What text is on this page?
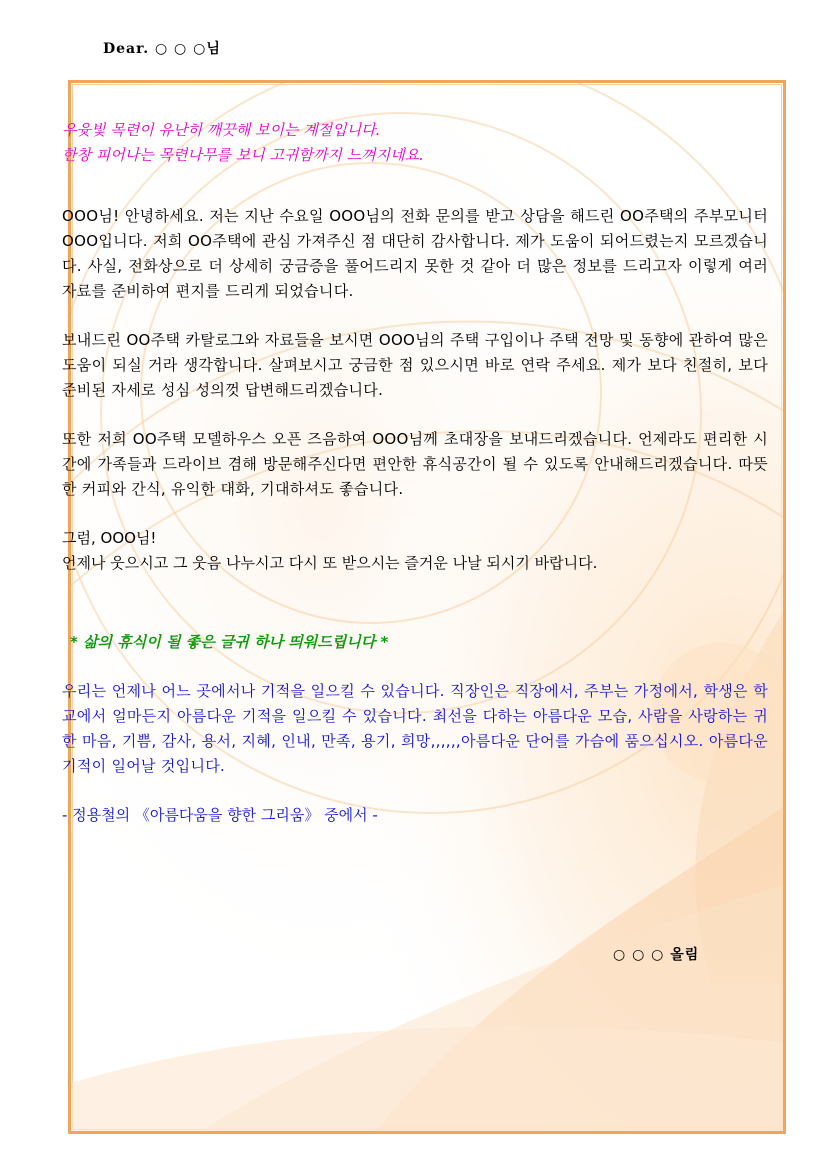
Dear. ○ ○ ○님

우윳빛 목련이 유난히 깨끗해 보이는 계절입니다.

한창 피어나는 목련나무를 보니 고귀함까지 느껴지네요.

OOO님! 안녕하세요. 저는 지난 수요일 OOO님의 전화 문의를 받고 상담을 해드린 OO주택의 주부모니터 OOO입니다. 저희 OO주택에 관심 가져주신 점 대단히 감사합니다. 제가 도움이 되어드렸는지 모르겠습니다. 사실, 전화상으로 더 상세히 궁금증을 풀어드리지 못한 것 같아 더 많은 정보를 드리고자 이렇게 여러 자료를 준비하여 편지를 드리게 되었습니다.

보내드린 OO주택 카탈로그와 자료들을 보시면 OOO님의 주택 구입이나 주택 전망 및 동향에 관하여 많은 도움이 되실 거라 생각합니다. 살펴보시고 궁금한 점 있으시면 바로 연락 주세요. 제가 보다 친절히, 보다 준비된 자세로 성심 성의껏 답변해드리겠습니다.

또한 저희 OO주택 모델하우스 오픈 즈음하여 OOO님께 초대장을 보내드리겠습니다. 언제라도 편리한 시간에 가족들과 드라이브 겸해 방문해주신다면 편안한 휴식공간이 될 수 있도록 안내해드리겠습니다. 따뜻한 커피와 간식, 유익한 대화, 기대하셔도 좋습니다.

그럼, OOO님!

언제나 웃으시고 그 웃음 나누시고 다시 또 받으시는 즐거운 나날 되시기 바랍니다.

* 삶의 휴식이 될 좋은 글귀 하나 띄워드립니다 *

우리는 언제나 어느 곳에서나 기적을 일으킬 수 있습니다. 직장인은 직장에서, 주부는 가정에서, 학생은 학교에서 얼마든지 아름다운 기적을 일으킬 수 있습니다. 최선을 다하는 아름다운 모습, 사람을 사랑하는 귀한 마음, 기쁨, 감사, 용서, 지혜, 인내, 만족, 용기, 희망,,,,,,아름다운 단어를 가슴에 품으십시오. 아름다운 기적이 일어날 것입니다.

- 정용철의 《아름다움을 향한 그리움》 중에서 -

○ ○ ○ 올림
